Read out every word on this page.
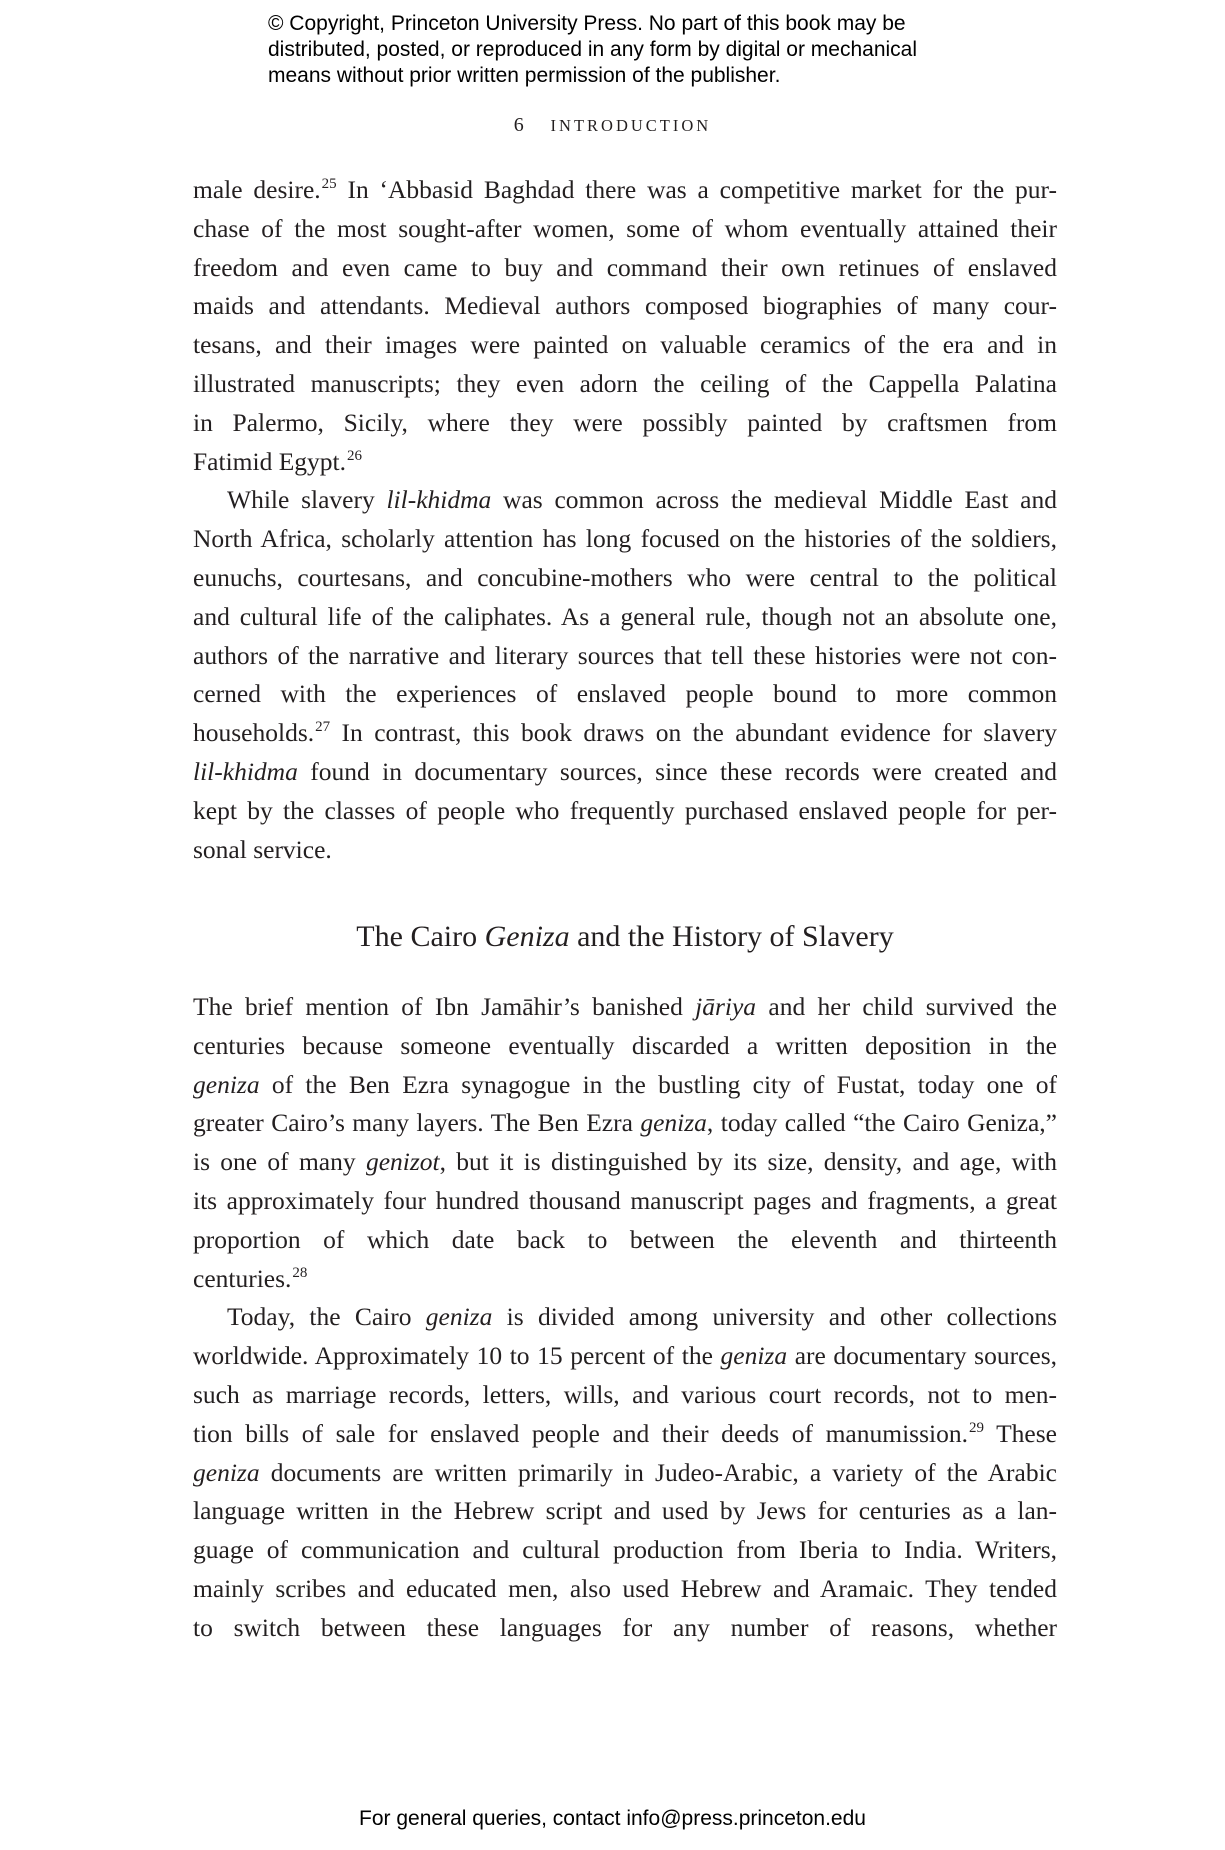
© Copyright, Princeton University Press. No part of this book may be
distributed, posted, or reproduced in any form by digital or mechanical
means without prior written permission of the publisher.
6 INTRODUCTION
male desire.$^{25}$ In ‘Abbasid Baghdad there was a competitive market for the pur-
chase of the most sought-after women, some of whom eventually attained their
freedom and even came to buy and command their own retinues of enslaved
maids and attendants. Medieval authors composed biographies of many cour-
tesans, and their images were painted on valuable ceramics of the era and in
illustrated manuscripts; they even adorn the ceiling of the Cappella Palatina
in Palermo, Sicily, where they were possibly painted by craftsmen from
Fatimid Egypt.$^{26}$
While slavery lil-khidma was common across the medieval Middle East and
North Africa, scholarly attention has long focused on the histories of the soldiers,
eunuchs, courtesans, and concubine-mothers who were central to the political
and cultural life of the caliphates. As a general rule, though not an absolute one,
authors of the narrative and literary sources that tell these histories were not con-
cerned with the experiences of enslaved people bound to more common
households.$^{27}$ In contrast, this book draws on the abundant evidence for slavery
lil-khidma found in documentary sources, since these records were created and
kept by the classes of people who frequently purchased enslaved people for per-
sonal service.
The Cairo Geniza and the History of Slavery
The brief mention of Ibn Jamāhir’s banished jāriya and her child survived the
centuries because someone eventually discarded a written deposition in the
geniza of the Ben Ezra synagogue in the bustling city of Fustat, today one of
greater Cairo’s many layers. The Ben Ezra geniza, today called “the Cairo Geniza,”
is one of many genizot, but it is distinguished by its size, density, and age, with
its approximately four hundred thousand manuscript pages and fragments, a great
proportion of which date back to between the eleventh and thirteenth
centuries.$^{28}$
Today, the Cairo geniza is divided among university and other collections
worldwide. Approximately 10 to 15 percent of the geniza are documentary sources,
such as marriage records, letters, wills, and various court records, not to men-
tion bills of sale for enslaved people and their deeds of manumission.$^{29}$ These
geniza documents are written primarily in Judeo-Arabic, a variety of the Arabic
language written in the Hebrew script and used by Jews for centuries as a lan-
guage of communication and cultural production from Iberia to India. Writers,
mainly scribes and educated men, also used Hebrew and Aramaic. They tended
to switch between these languages for any number of reasons, whether
For general queries, contact info@press.princeton.edu
